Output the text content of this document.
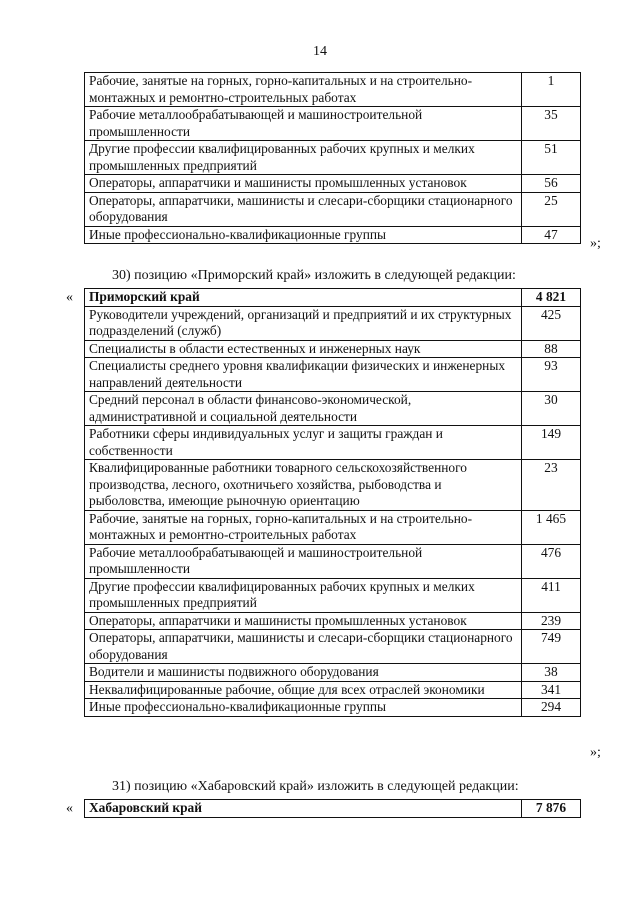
14
Рабочие, занятые на горных, горно-капитальных и на строительно-монтажных и ремонтно-строительных работах	1
Рабочие металлообрабатывающей и машиностроительной промышленности	35
Другие профессии квалифицированных рабочих крупных и мелких промышленных предприятий	51
Операторы, аппаратчики и машинисты промышленных установок	56
Операторы, аппаратчики, машинисты и слесари-сборщики стационарного оборудования	25
Иные профессионально-квалификационные группы	47
»;
30) позицию «Приморский край» изложить в следующей редакции:
« Приморский край	4 821
Руководители учреждений, организаций и предприятий и их структурных подразделений (служб)	425
Специалисты в области естественных и инженерных наук	88
Специалисты среднего уровня квалификации физических и инженерных направлений деятельности	93
Средний персонал в области финансово-экономической, административной и социальной деятельности	30
Работники сферы индивидуальных услуг и защиты граждан и собственности	149
Квалифицированные работники товарного сельскохозяйственного производства, лесного, охотничьего хозяйства, рыбоводства и рыболовства, имеющие рыночную ориентацию	23
Рабочие, занятые на горных, горно-капитальных и на строительно-монтажных и ремонтно-строительных работах	1 465
Рабочие металлообрабатывающей и машиностроительной промышленности	476
Другие профессии квалифицированных рабочих крупных и мелких промышленных предприятий	411
Операторы, аппаратчики и машинисты промышленных установок	239
Операторы, аппаратчики, машинисты и слесари-сборщики стационарного оборудования	749
Водители и машинисты подвижного оборудования	38
Неквалифицированные рабочие, общие для всех отраслей экономики	341
Иные профессионально-квалификационные группы	294
»;
31) позицию «Хабаровский край» изложить в следующей редакции:
« Хабаровский край	7 876
